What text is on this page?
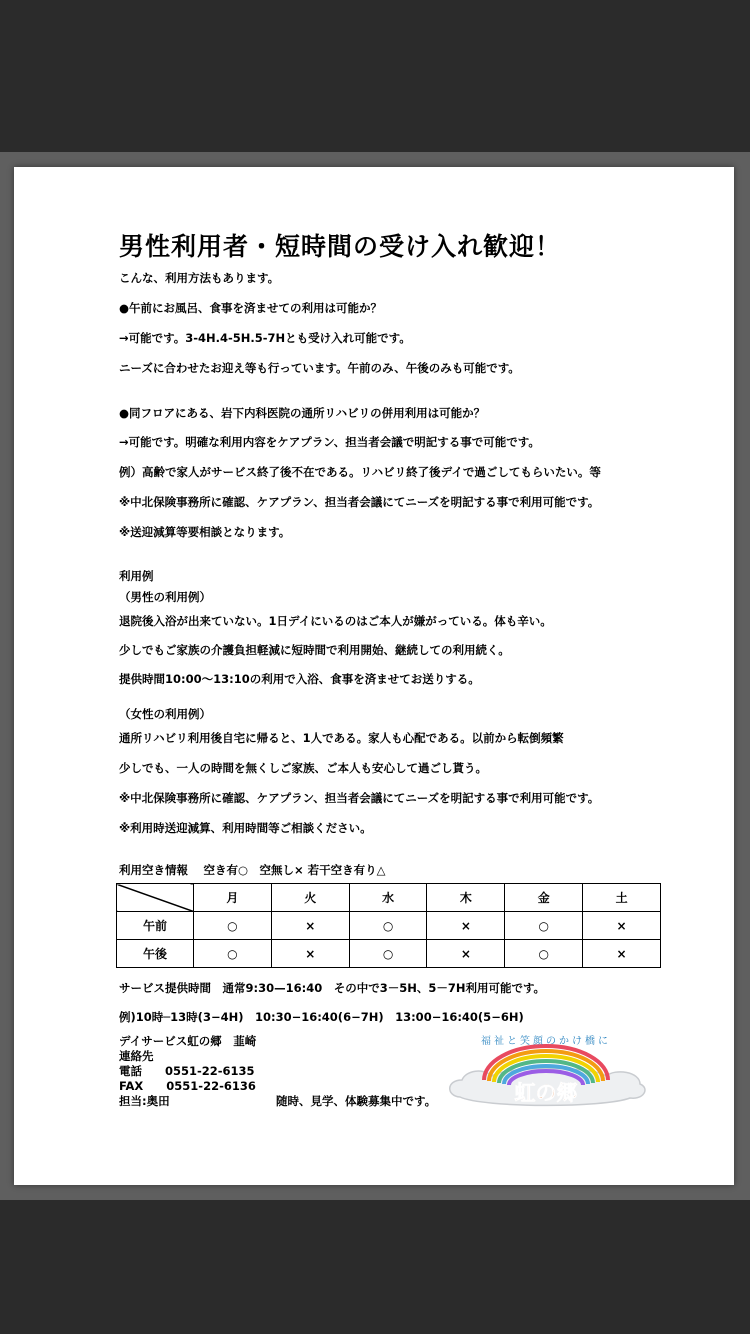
男性利用者・短時間の受け入れ歓迎！
こんな、利用方法もあります。
●午前にお風呂、食事を済ませての利用は可能か？
→可能です。3-4H.4-5H.5-7Hとも受け入れ可能です。
ニーズに合わせたお迎え等も行っています。午前のみ、午後のみも可能です。
●同フロアにある、岩下内科医院の通所リハビリの併用利用は可能か？
→可能です。明確な利用内容をケアプラン、担当者会議で明記する事で可能です。
例）高齢で家人がサービス終了後不在である。リハビリ終了後デイで過ごしてもらいたい。等
※中北保険事務所に確認、ケアプラン、担当者会議にてニーズを明記する事で利用可能です。
※送迎減算等要相談となります。
利用例
（男性の利用例）
退院後入浴が出来ていない。1日デイにいるのはご本人が嫌がっている。体も辛い。
少しでもご家族の介護負担軽減に短時間で利用開始、継続しての利用続く。
提供時間10:00～13:10の利用で入浴、食事を済ませてお送りする。
（女性の利用例）
通所リハビリ利用後自宅に帰ると、1人である。家人も心配である。以前から転倒頻繁
少しでも、一人の時間を無くしご家族、ご本人も安心して過ごし貰う。
※中北保険事務所に確認、ケアプラン、担当者会議にてニーズを明記する事で利用可能です。
※利用時送迎減算、利用時間等ご相談ください。
利用空き情報　 空き有○　空無し× 若干空き有り△
	月	火	水	木	金	土
午前	○	×	○	×	○	×
午後	○	×	○	×	○	×
サービス提供時間　通常9:30—16:40　その中で3－5H、5－7H利用可能です。
例)10時─13時(3−4H)　10:30−16:40(6−7H)　13:00−16:40(5−6H)
デイサービス虹の郷　韮崎
連絡先
電話　　0551-22-6135
FAX　　0551-22-6136
担当:奥田	随時、見学、体験募集中です。	虹の郷
福祉と笑顔のかけ橋に
